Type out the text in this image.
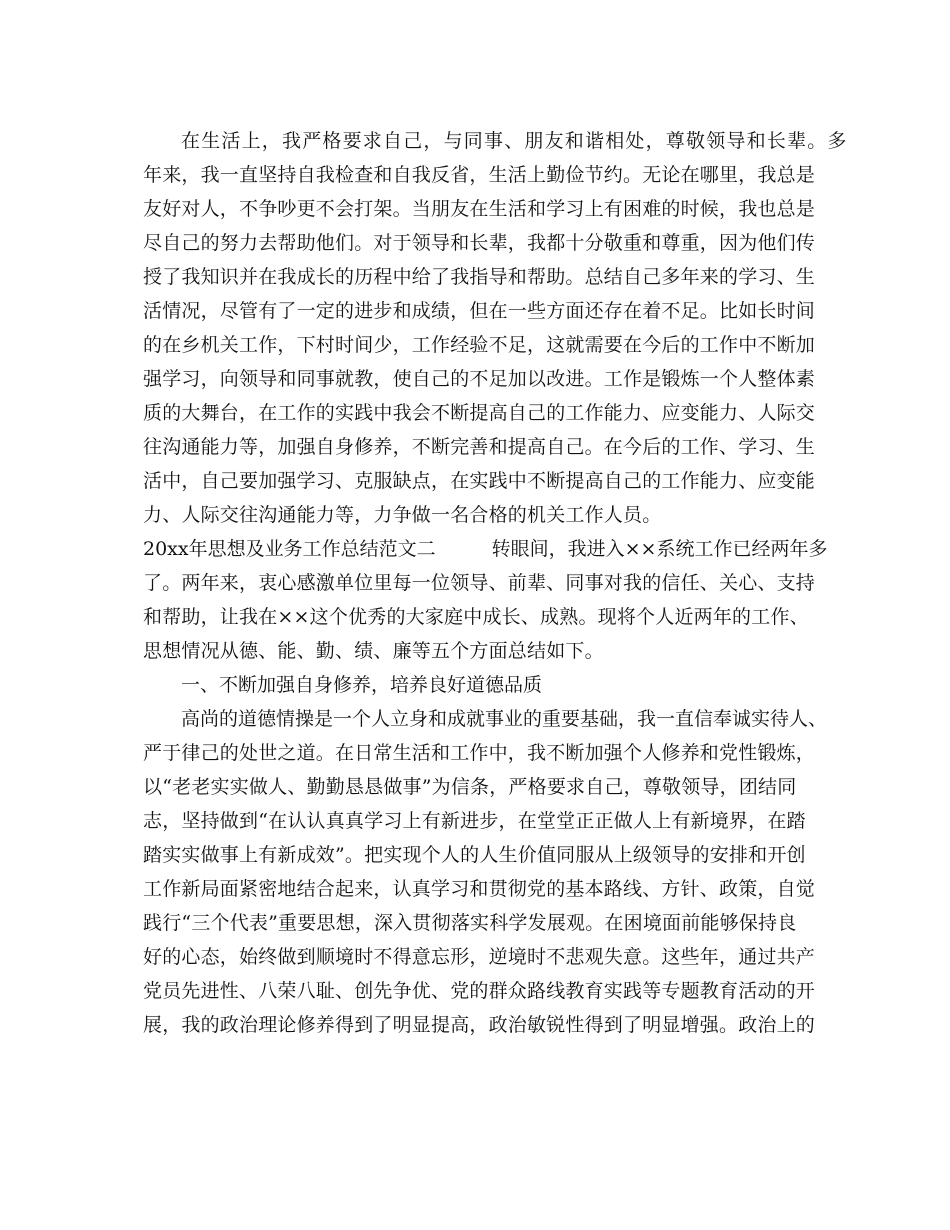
在生活上，我严格要求自己，与同事、朋友和谐相处，尊敬领导和长辈。多
年来，我一直坚持自我检查和自我反省，生活上勤俭节约。无论在哪里，我总是
友好对人，不争吵更不会打架。当朋友在生活和学习上有困难的时候，我也总是
尽自己的努力去帮助他们。对于领导和长辈，我都十分敬重和尊重，因为他们传
授了我知识并在我成长的历程中给了我指导和帮助。总结自己多年来的学习、生
活情况，尽管有了一定的进步和成绩，但在一些方面还存在着不足。比如长时间
的在乡机关工作，下村时间少，工作经验不足，这就需要在今后的工作中不断加
强学习，向领导和同事就教，使自己的不足加以改进。工作是锻炼一个人整体素
质的大舞台，在工作的实践中我会不断提高自己的工作能力、应变能力、人际交
往沟通能力等，加强自身修养，不断完善和提高自己。在今后的工作、学习、生
活中，自己要加强学习、克服缺点，在实践中不断提高自己的工作能力、应变能
力、人际交往沟通能力等，力争做一名合格的机关工作人员。
20xx年思想及业务工作总结范文二	转眼间，我进入××系统工作已经两年多
了。两年来，衷心感激单位里每一位领导、前辈、同事对我的信任、关心、支持
和帮助，让我在××这个优秀的大家庭中成长、成熟。现将个人近两年的工作、
思想情况从德、能、勤、绩、廉等五个方面总结如下。
一、不断加强自身修养，培养良好道德品质
高尚的道德情操是一个人立身和成就事业的重要基础，我一直信奉诚实待人、
严于律己的处世之道。在日常生活和工作中，我不断加强个人修养和党性锻炼，
以“老老实实做人、勤勤恳恳做事”为信条，严格要求自己，尊敬领导，团结同
志，坚持做到“在认认真真学习上有新进步，在堂堂正正做人上有新境界，在踏
踏实实做事上有新成效”。把实现个人的人生价值同服从上级领导的安排和开创
工作新局面紧密地结合起来，认真学习和贯彻党的基本路线、方针、政策，自觉
践行“三个代表”重要思想，深入贯彻落实科学发展观。在困境面前能够保持良
好的心态，始终做到顺境时不得意忘形，逆境时不悲观失意。这些年，通过共产
党员先进性、八荣八耻、创先争优、党的群众路线教育实践等专题教育活动的开
展，我的政治理论修养得到了明显提高，政治敏锐性得到了明显增强。政治上的
